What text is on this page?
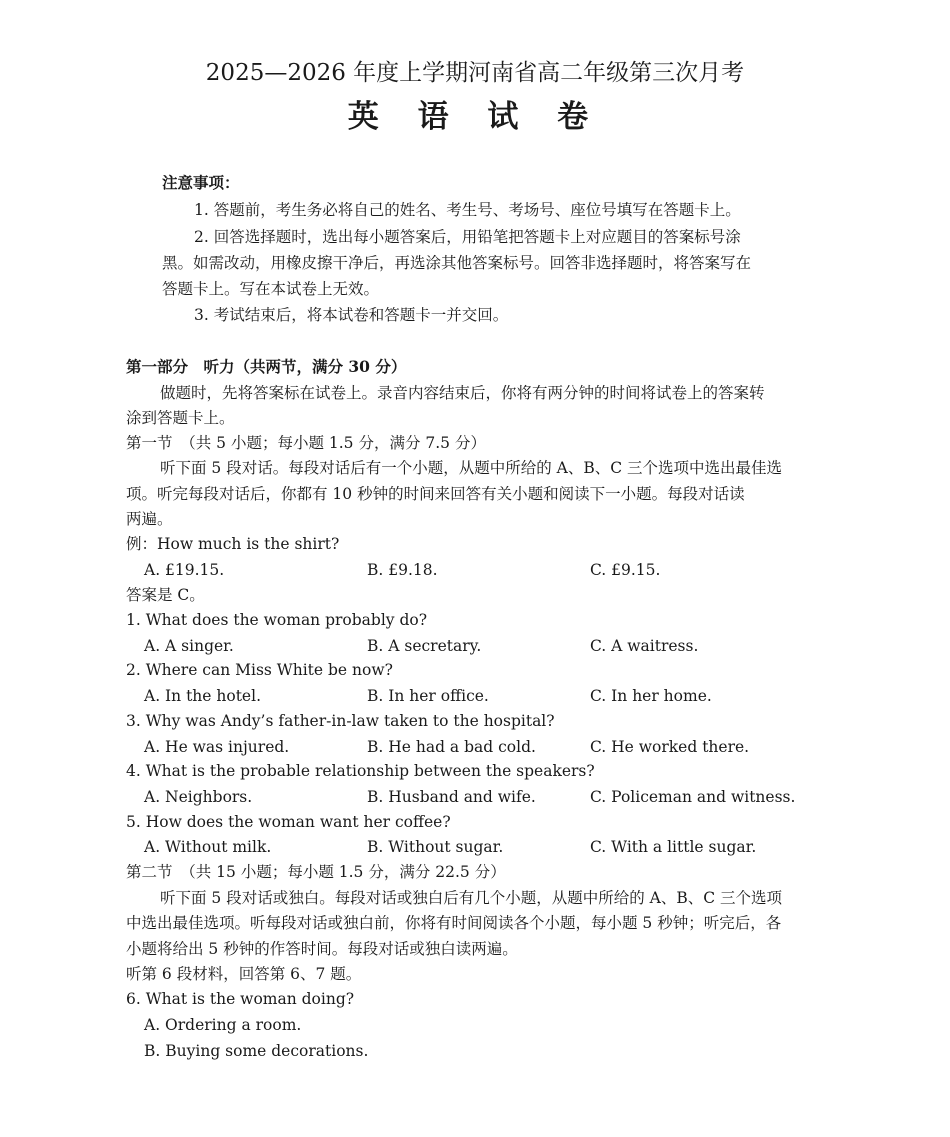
2025—2026 年度上学期河南省高二年级第三次月考
英 语 试 卷
注意事项：
1. 答题前，考生务必将自己的姓名、考生号、考场号、座位号填写在答题卡上。
2. 回答选择题时，选出每小题答案后，用铅笔把答题卡上对应题目的答案标号涂
黑。如需改动，用橡皮擦干净后，再选涂其他答案标号。回答非选择题时，将答案写在
答题卡上。写在本试卷上无效。
3. 考试结束后，将本试卷和答题卡一并交回。
第一部分　听力（共两节，满分 30 分）
做题时，先将答案标在试卷上。录音内容结束后，你将有两分钟的时间将试卷上的答案转
涂到答题卡上。
第一节　（共 5 小题；每小题 1.5 分，满分 7.5 分）
听下面 5 段对话。每段对话后有一个小题，从题中所给的 A、B、C 三个选项中选出最佳选
项。听完每段对话后，你都有 10 秒钟的时间来回答有关小题和阅读下一小题。每段对话读
两遍。
例：How much is the shirt?
A. £19.15.	B. £9.18.	C. £9.15.
答案是 C。
1. What does the woman probably do?
A. A singer.	B. A secretary.	C. A waitress.
2. Where can Miss White be now?
A. In the hotel.	B. In her office.	C. In her home.
3. Why was Andy’s father-in-law taken to the hospital?
A. He was injured.	B. He had a bad cold.	C. He worked there.
4. What is the probable relationship between the speakers?
A. Neighbors.	B. Husband and wife.	C. Policeman and witness.
5. How does the woman want her coffee?
A. Without milk.	B. Without sugar.	C. With a little sugar.
第二节　（共 15 小题；每小题 1.5 分，满分 22.5 分）
听下面 5 段对话或独白。每段对话或独白后有几个小题，从题中所给的 A、B、C 三个选项
中选出最佳选项。听每段对话或独白前，你将有时间阅读各个小题，每小题 5 秒钟；听完后，各
小题将给出 5 秒钟的作答时间。每段对话或独白读两遍。
听第 6 段材料，回答第 6、7 题。
6. What is the woman doing?
A. Ordering a room.
B. Buying some decorations.
